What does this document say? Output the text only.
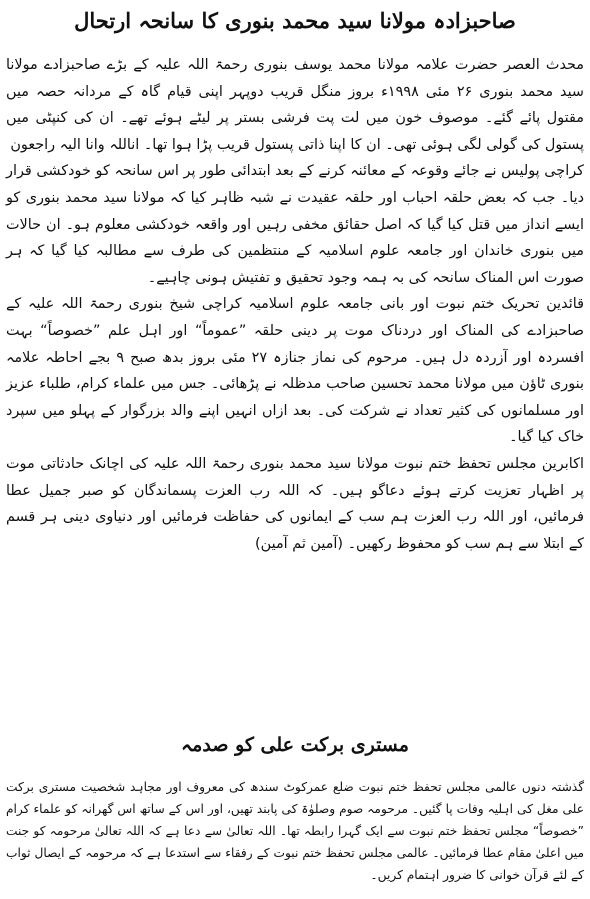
صاحبزادہ مولانا سید محمد بنوری کا سانحہ ارتحال

محدث العصر حضرت علامہ مولانا محمد یوسف بنوری رحمۃ اللہ علیہ کے بڑے صاحبزادے مولانا سید محمد بنوری ۲۶ مئی ۱۹۹۸ء بروز منگل قریب دوپہر اپنی قیام گاہ کے مردانہ حصہ میں مقتول پائے گئے۔ موصوف خون میں لت پت فرشی بستر پر لیٹے ہوئے تھے۔ ان کی کنپٹی میں پستول کی گولی لگی ہوئی تھی۔ ان کا اپنا ذاتی پستول قریب پڑا ہوا تھا۔ اناللہ وانا الیہ راجعون

کراچی پولیس نے جائے وقوعہ کے معائنہ کرنے کے بعد ابتدائی طور پر اس سانحہ کو خودکشی قرار دیا۔ جب کہ بعض حلقہ احباب اور حلقہ عقیدت نے شبہ ظاہر کیا کہ مولانا سید محمد بنوری کو ایسے انداز میں قتل کیا گیا کہ اصل حقائق مخفی رہیں اور واقعہ خودکشی معلوم ہو۔ ان حالات میں بنوری خاندان اور جامعہ علوم اسلامیہ کے منتظمین کی طرف سے مطالبہ کیا گیا کہ ہر صورت اس المناک سانحہ کی بہ ہمہ وجود تحقیق و تفتیش ہونی چاہیے۔

قائدین تحریک ختم نبوت اور بانی جامعہ علوم اسلامیہ کراچی شیخ بنوری رحمۃ اللہ علیہ کے صاحبزادے کی المناک اور دردناک موت پر دینی حلقہ ”عموماً“ اور اہل علم ”خصوصاً“ بہت افسردہ اور آزردہ دل ہیں۔ مرحوم کی نماز جنازہ ۲۷ مئی بروز بدھ صبح ۹ بجے احاطہ علامہ بنوری ٹاؤن میں مولانا محمد تحسین صاحب مدظلہ نے پڑھائی۔ جس میں علماء کرام، طلباء عزیز اور مسلمانوں کی کثیر تعداد نے شرکت کی۔ بعد ازاں انہیں اپنے والد بزرگوار کے پہلو میں سپرد خاک کیا گیا۔

اکابرین مجلس تحفظ ختم نبوت مولانا سید محمد بنوری رحمۃ اللہ علیہ کی اچانک حادثاتی موت پر اظہار تعزیت کرتے ہوئے دعاگو ہیں۔ کہ اللہ رب العزت پسماندگان کو صبر جمیل عطا فرمائیں، اور اللہ رب العزت ہم سب کے ایمانوں کی حفاظت فرمائیں اور دنیاوی دینی ہر قسم کے ابتلا سے ہم سب کو محفوظ رکھیں۔ (آمین ثم آمین)

مستری برکت علی کو صدمہ

گذشتہ دنوں عالمی مجلس تحفظ ختم نبوت ضلع عمرکوٹ سندھ کی معروف اور مجاہد شخصیت مستری برکت علی مغل کی اہلیہ وفات پا گئیں۔ مرحومہ صوم وصلوٰۃ کی پابند تھیں، اور اس کے ساتھ اس گھرانہ کو علماء کرام ”خصوصاً“ مجلس تحفظ ختم نبوت سے ایک گہرا رابطہ تھا۔ اللہ تعالیٰ سے دعا ہے کہ اللہ تعالیٰ مرحومہ کو جنت میں اعلیٰ مقام عطا فرمائیں۔ عالمی مجلس تحفظ ختم نبوت کے رفقاء سے استدعا ہے کہ مرحومہ کے ایصال ثواب کے لئے قرآن خوانی کا ضرور اہتمام کریں۔
